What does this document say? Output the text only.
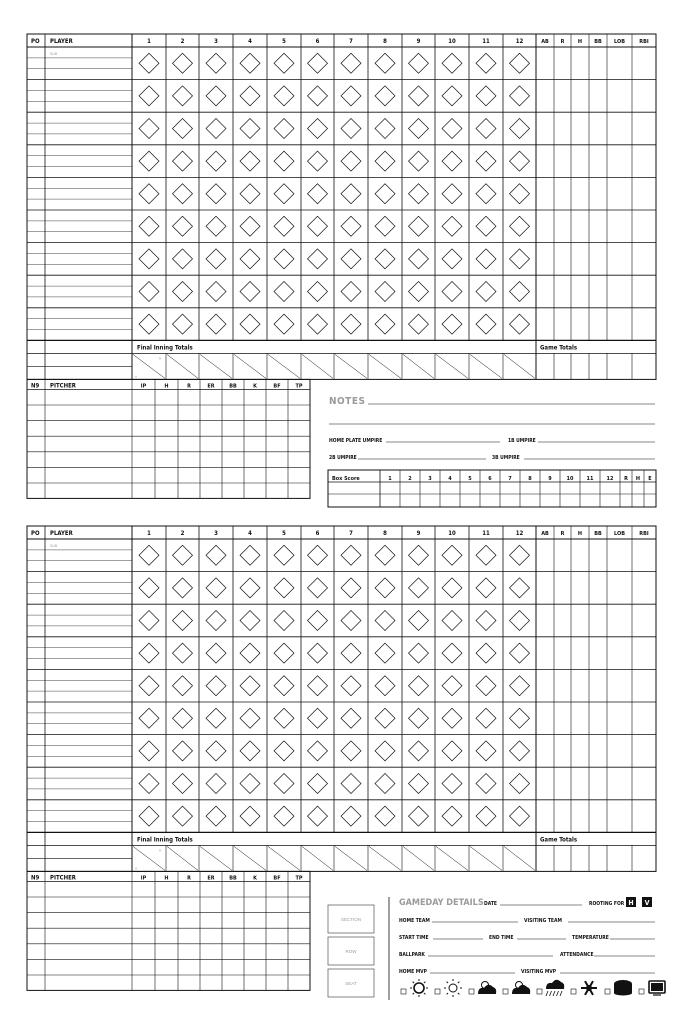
PO PLAYER	1	2	3	4	5	6	7	8	9	10	11	12	AB R H BB LOB	RBI
SUB
Final Inning Totals	Game Totals
R
H
N9 PITCHER	IP	H	R	ER	BB	K	BF	TP
PO PLAYER	1	2	3	4	5	6	7	8	9	10	11	12	AB R H BB LOB	RBI
SUB
Final Inning Totals	Game Totals
R
H
N9 PITCHER	IP	H	R	ER	BB	K	BF	TP
NOTES
HOME PLATE UMPIRE	1B UMPIRE
2B UMPIRE	3B UMPIRE
Box Score	1	2	3	4	5	6	7	8	9	10 11 12 R H E
SECTION
ROW
SEAT
GAMEDAY DETAILS DATE	ROOTING FOR H V
HOME TEAM	VISITING TEAM
START TIME	END TIME	TEMPERATURE
BALLPARK	ATTENDANCE
HOME MVP	VISITING MVP
